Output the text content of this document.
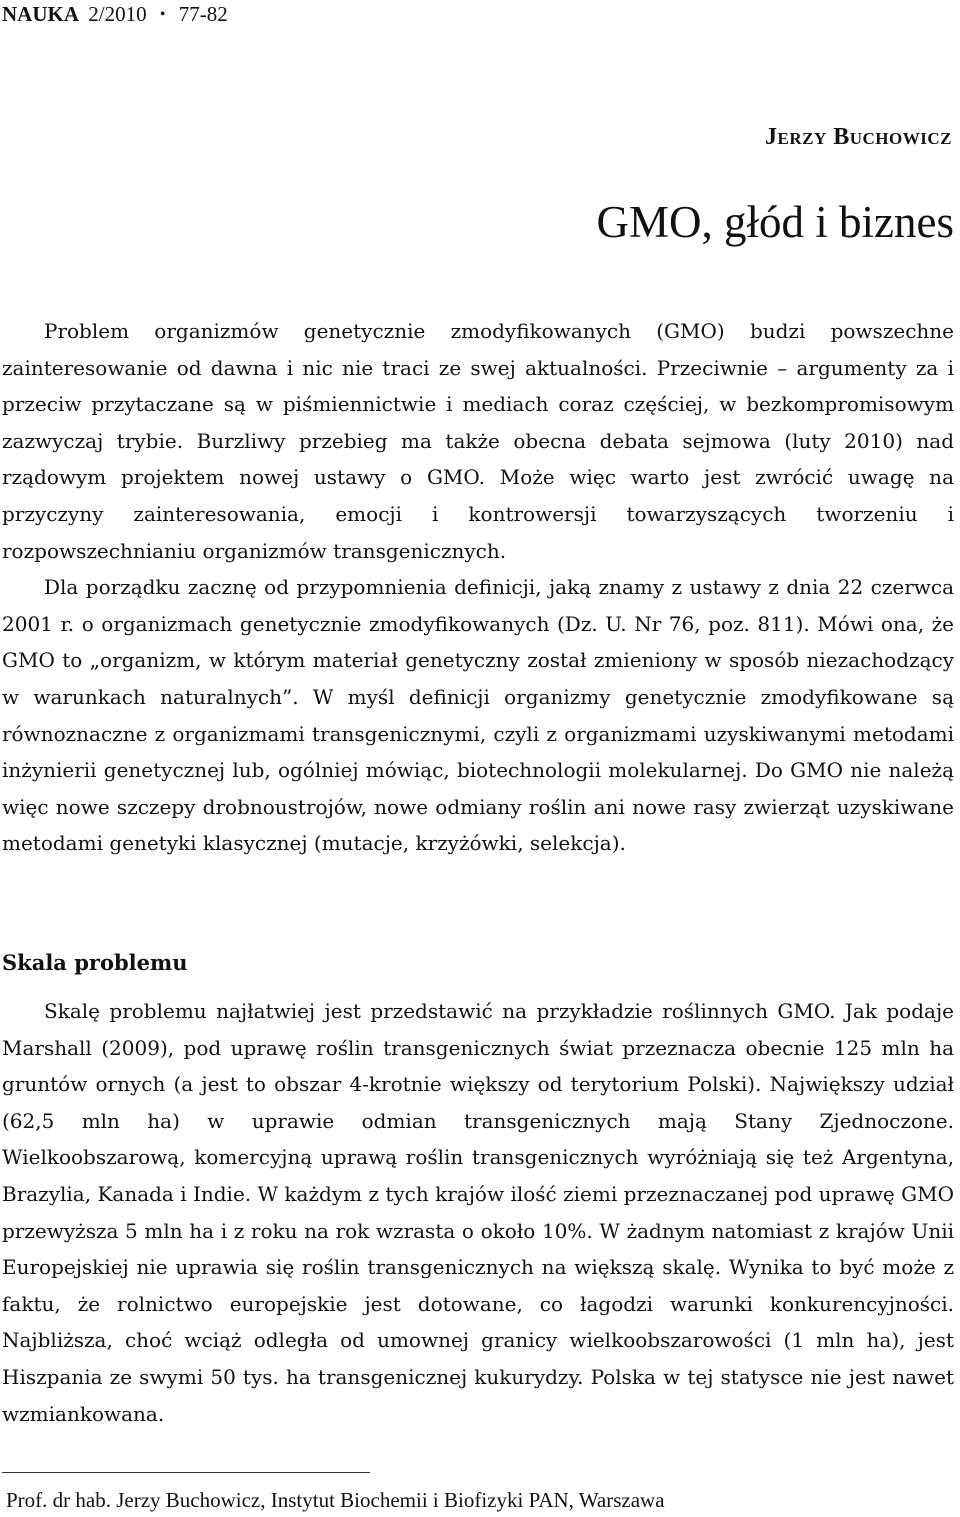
NAUKA 2/2010 • 77-82
Jerzy Buchowicz
GMO, głód i biznes

Problem organizmów genetycznie zmodyfikowanych (GMO) budzi powszechne zainteresowanie od dawna i nic nie traci ze swej aktualności. Przeciwnie – argumenty za i przeciw przytaczane są w piśmiennictwie i mediach coraz częściej, w bezkompromisowym zazwyczaj trybie. Burzliwy przebieg ma także obecna debata sejmowa (luty 2010) nad rządowym projektem nowej ustawy o GMO. Może więc warto jest zwrócić uwagę na przyczyny zainteresowania, emocji i kontrowersji towarzyszących tworzeniu i rozpowszechnianiu organizmów transgenicznych.

Dla porządku zacznę od przypomnienia definicji, jaką znamy z ustawy z dnia 22 czerwca 2001 r. o organizmach genetycznie zmodyfikowanych (Dz. U. Nr 76, poz. 811). Mówi ona, że GMO to „organizm, w którym materiał genetyczny został zmieniony w sposób niezachodzący w warunkach naturalnych”. W myśl definicji organizmy genetycznie zmodyfikowane są równoznaczne z organizmami transgenicznymi, czyli z organizmami uzyskiwanymi metodami inżynierii genetycznej lub, ogólniej mówiąc, biotechnologii molekularnej. Do GMO nie należą więc nowe szczepy drobnoustrojów, nowe odmiany roślin ani nowe rasy zwierząt uzyskiwane metodami genetyki klasycznej (mutacje, krzyżówki, selekcja).

Skala problemu

Skalę problemu najłatwiej jest przedstawić na przykładzie roślinnych GMO. Jak podaje Marshall (2009), pod uprawę roślin transgenicznych świat przeznacza obecnie 125 mln ha gruntów ornych (a jest to obszar 4-krotnie większy od terytorium Polski). Największy udział (62,5 mln ha) w uprawie odmian transgenicznych mają Stany Zjednoczone. Wielkoobszarową, komercyjną uprawą roślin transgenicznych wyróżniają się też Argentyna, Brazylia, Kanada i Indie. W każdym z tych krajów ilość ziemi przeznaczanej pod uprawę GMO przewyższa 5 mln ha i z roku na rok wzrasta o około 10%. W żadnym natomiast z krajów Unii Europejskiej nie uprawia się roślin transgenicznych na większą skalę. Wynika to być może z faktu, że rolnictwo europejskie jest dotowane, co łagodzi warunki konkurencyjności. Najbliższa, choć wciąż odległa od umownej granicy wielkoobszarowości (1 mln ha), jest Hiszpania ze swymi 50 tys. ha transgenicznej kukurydzy. Polska w tej statysce nie jest nawet wzmiankowana.

Prof. dr hab. Jerzy Buchowicz, Instytut Biochemii i Biofizyki PAN, Warszawa
